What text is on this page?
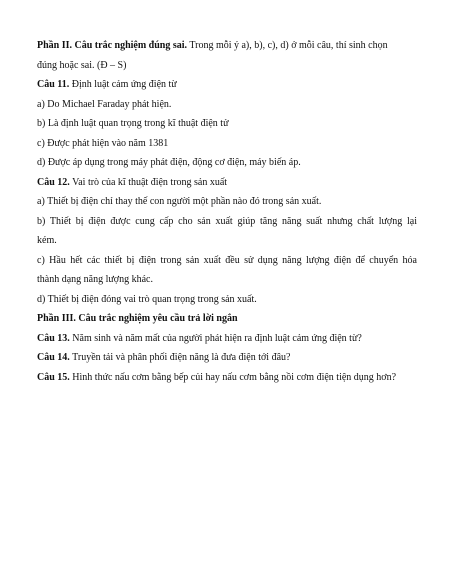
Phần II. Câu trắc nghiệm đúng sai. Trong mỗi ý a), b), c), d) ở mỗi câu, thí sinh chọn
đúng hoặc sai. (Đ – S)
Câu 11. Định luật cảm ứng điện từ
a) Do Michael Faraday phát hiện.
b) Là định luật quan trọng trong kĩ thuật điện tử
c) Được phát hiện vào năm 1381
d) Được áp dụng trong máy phát điện, động cơ điện, máy biến áp.
Câu 12. Vai trò của kĩ thuật điện trong sản xuất
a) Thiết bị điện chỉ thay thế con người một phần nào đó trong sản xuất.
b) Thiết bị điện được cung cấp cho sản xuất giúp tăng năng suất nhưng chất lượng lại
kém.
c) Hầu hết các thiết bị điện trong sản xuất đều sử dụng năng lượng điện để chuyển hóa
thành dạng năng lượng khác.
d) Thiết bị điện đóng vai trò quan trọng trong sản xuất.
Phần III. Câu trắc nghiệm yêu cầu trả lời ngắn
Câu 13. Năm sinh và năm mất của người phát hiện ra định luật cảm ứng điện từ?
Câu 14. Truyền tải và phân phối điện năng là đưa điện tới đâu?
Câu 15. Hình thức nấu cơm bằng bếp củi hay nấu cơm bằng nồi cơm điện tiện dụng hơn?
